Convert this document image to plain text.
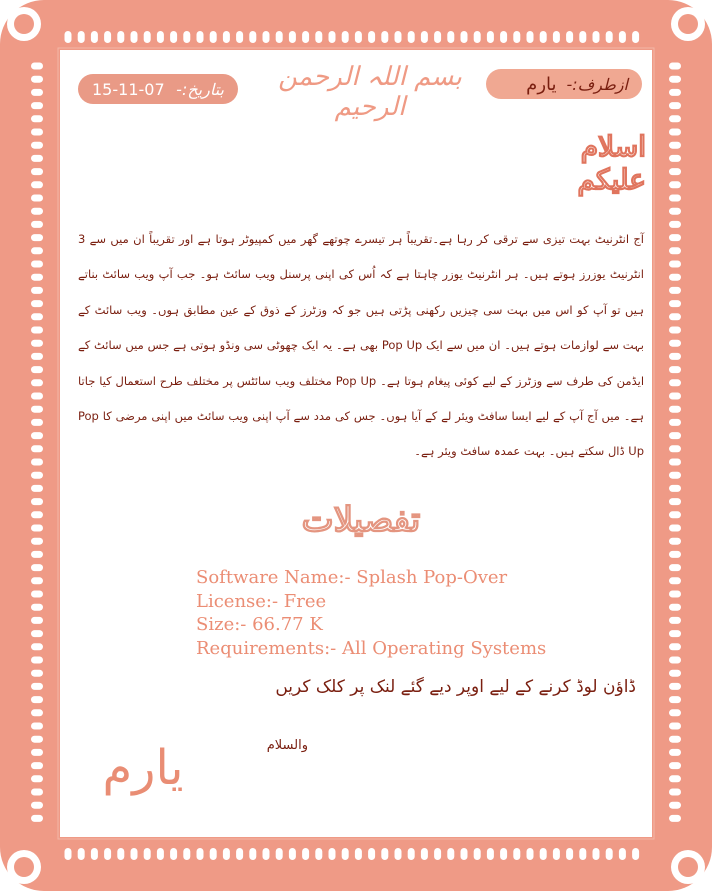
15-11-07 بتاریخ:-	بسم اللہ الرحمن الرحیم
یارم ازطرف:-
اسلام علیکم

آج انٹرنیٹ بہت تیزی سے ترقی کر رہا ہے۔تقریباً ہر تیسرے چوتھے گھر میں کمپیوٹر ہوتا ہے اور تقریباً ان میں سے 3 انٹرنیٹ یوزرز ہوتے ہیں۔ ہر انٹرنیٹ یوزر چاہتا ہے کہ اُس کی اپنی پرسنل ویب سائٹ ہو۔ جب آپ ویب سائٹ بناتے ہیں تو آپ کو اس میں بہت سی چیزیں رکھنی پڑتی ہیں جو کہ وزٹرز کے ذوق کے عین مطابق ہوں۔ ویب سائٹ کے بہت سے لوازمات ہوتے ہیں۔ ان میں سے ایک Pop Up بھی ہے۔ یہ ایک چھوٹی سی ونڈو ہوتی ہے جس میں سائٹ کے ایڈمن کی طرف سے وزٹرز کے لیے کوئی پیغام ہوتا ہے۔ Pop Up مختلف ویب سائٹس پر مختلف طرح استعمال کیا جاتا ہے۔ میں آج آپ کے لیے ایسا سافٹ ویئر لے کے آیا ہوں۔ جس کی مدد سے آپ اپنی ویب سائٹ میں اپنی مرضی کا Pop Up ڈال سکتے ہیں۔ بہت عمدہ سافٹ ویئر ہے۔

تفصیلات
Software Name:- Splash Pop-Over
License:- Free
Size:- 66.77 K
Requirements:- All Operating Systems
ڈاؤن لوڈ کرنے کے لیے اوپر دیے گئے لنک پر کلک کریں
والسلام
یارم
